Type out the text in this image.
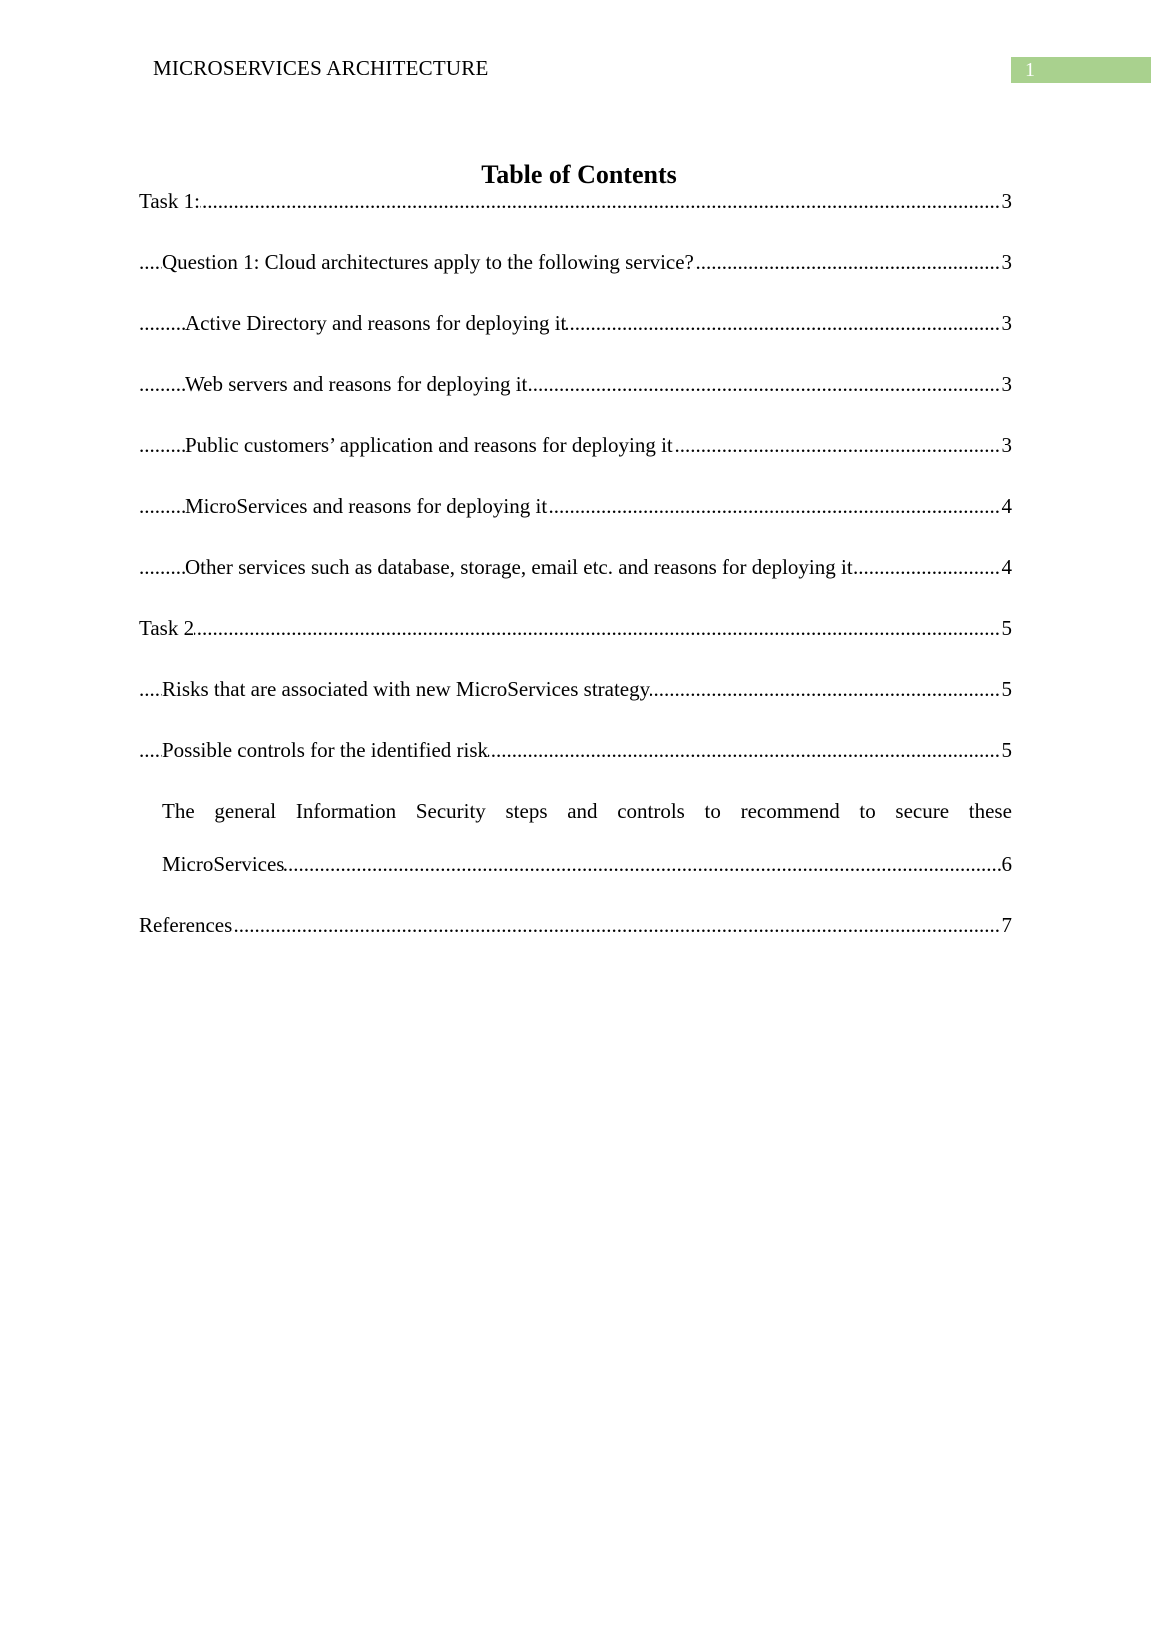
MICROSERVICES ARCHITECTURE	1
Table of Contents
.....
Task 1:	3
.....
Question 1: Cloud architectures apply to the following service?	3
.....
Active Directory and reasons for deploying it	3
.....
Web servers and reasons for deploying it	3
.....
Public customers’ application and reasons for deploying it	3
.....
MicroServices and reasons for deploying it	4
.....
Other services such as database, storage, email etc. and reasons for deploying it	4
.....
Task 2	5
.....
Risks that are associated with new MicroServices strategy	5
.....
Possible controls for the identified risk	5
The general Information Security steps and controls to recommend to secure these
.....
MicroServices	6
.....
References	7
